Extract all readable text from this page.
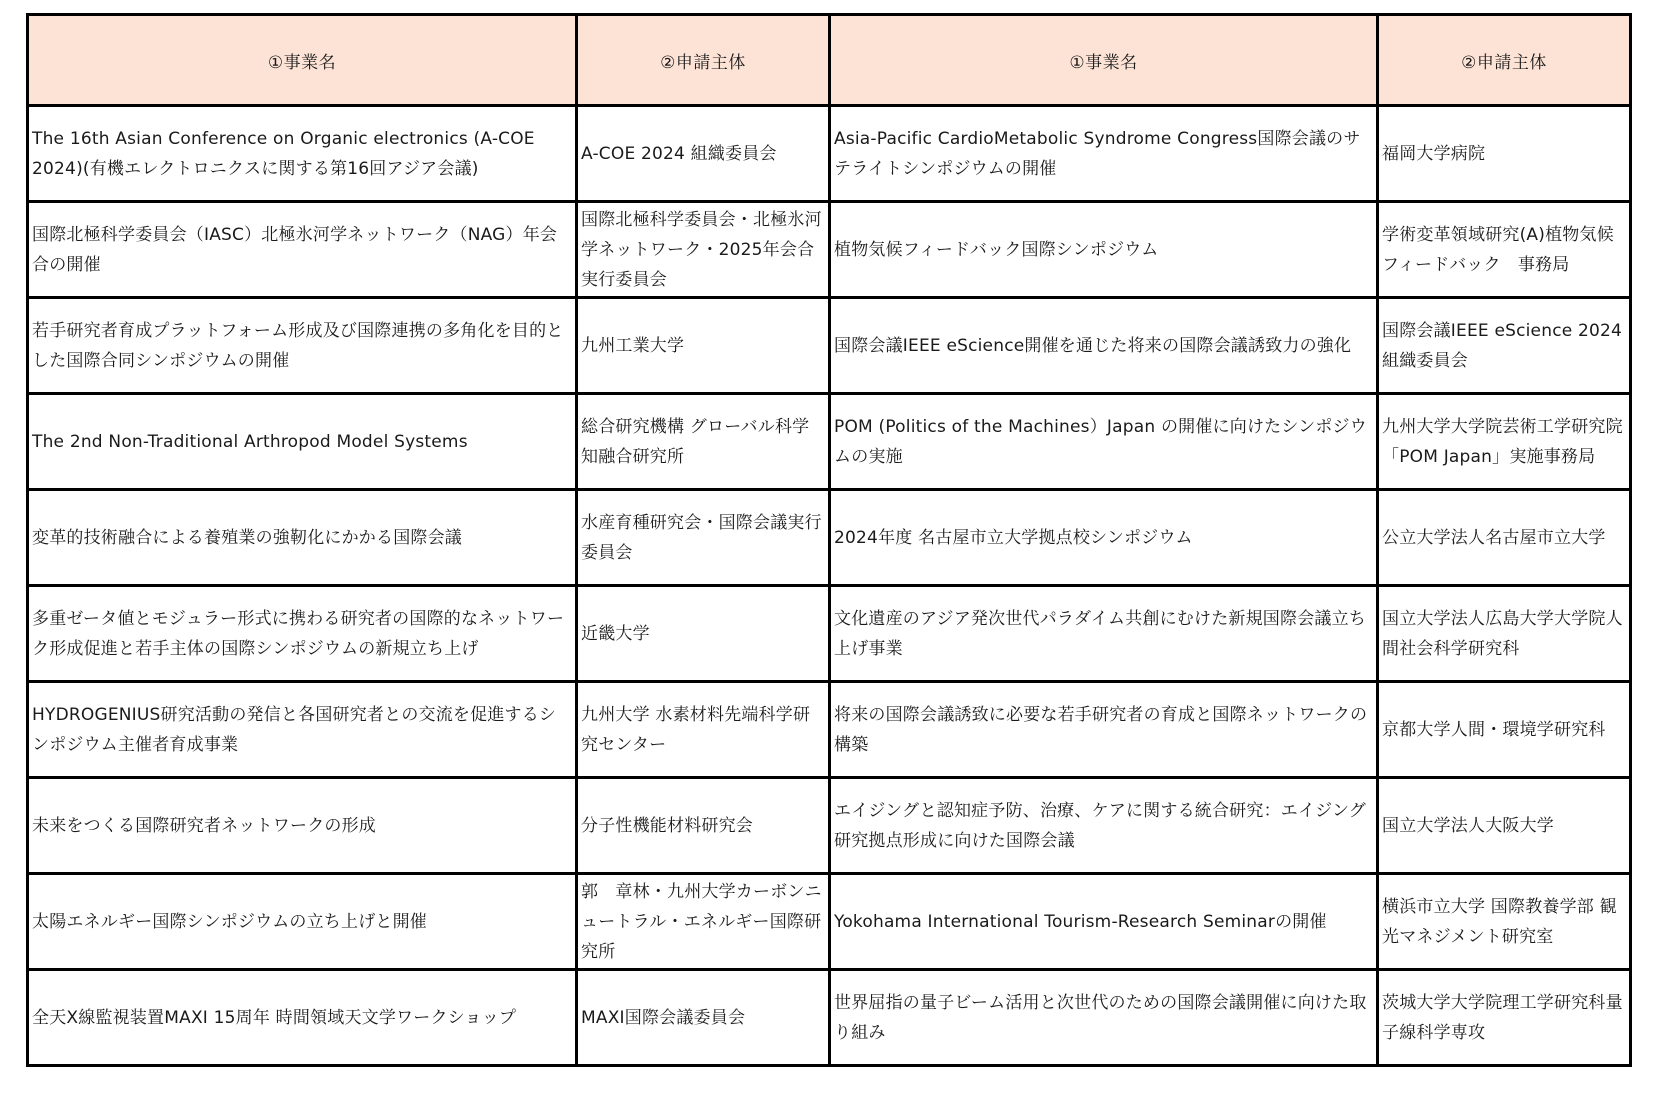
①事業名	②申請主体	①事業名	②申請主体
The 16th Asian Conference on Organic electronics (A-COE 2024)(有機エレクトロニクスに関する第16回アジア会議)	A-COE 2024 組織委員会	Asia-Pacific CardioMetabolic Syndrome Congress国際会議のサテライトシンポジウムの開催	福岡大学病院
国際北極科学委員会（IASC）北極氷河学ネットワーク（NAG）年会合の開催	国際北極科学委員会・北極氷河学ネットワーク・2025年会合実行委員会	植物気候フィードバック国際シンポジウム	学術変革領域研究(A)植物気候フィードバック　事務局
若手研究者育成プラットフォーム形成及び国際連携の多角化を目的とした国際合同シンポジウムの開催	九州工業大学	国際会議IEEE eScience開催を通じた将来の国際会議誘致力の強化	国際会議IEEE eScience 2024組織委員会
The 2nd Non-Traditional Arthropod Model Systems	総合研究機構 グローバル科学知融合研究所	POM (Politics of the Machines）Japan の開催に向けたシンポジウムの実施	九州大学大学院芸術工学研究院「POM Japan」実施事務局
変革的技術融合による養殖業の強靭化にかかる国際会議	水産育種研究会・国際会議実行委員会	2024年度 名古屋市立大学拠点校シンポジウム	公立大学法人名古屋市立大学
多重ゼータ値とモジュラー形式に携わる研究者の国際的なネットワーク形成促進と若手主体の国際シンポジウムの新規立ち上げ	近畿大学	文化遺産のアジア発次世代パラダイム共創にむけた新規国際会議立ち上げ事業	国立大学法人広島大学大学院人間社会科学研究科
HYDROGENIUS研究活動の発信と各国研究者との交流を促進するシンポジウム主催者育成事業	九州大学 水素材料先端科学研究センター	将来の国際会議誘致に必要な若手研究者の育成と国際ネットワークの構築	京都大学人間・環境学研究科
未来をつくる国際研究者ネットワークの形成	分子性機能材料研究会	エイジングと認知症予防、治療、ケアに関する統合研究：エイジング研究拠点形成に向けた国際会議	国立大学法人大阪大学
太陽エネルギー国際シンポジウムの立ち上げと開催	郭　章林・九州大学カーボンニュートラル・エネルギー国際研究所	Yokohama International Tourism-Research Seminarの開催	横浜市立大学 国際教養学部 観光マネジメント研究室
全天X線監視装置MAXI 15周年 時間領域天文学ワークショップ	MAXI国際会議委員会	世界屈指の量子ビーム活用と次世代のための国際会議開催に向けた取り組み	茨城大学大学院理工学研究科量子線科学専攻
